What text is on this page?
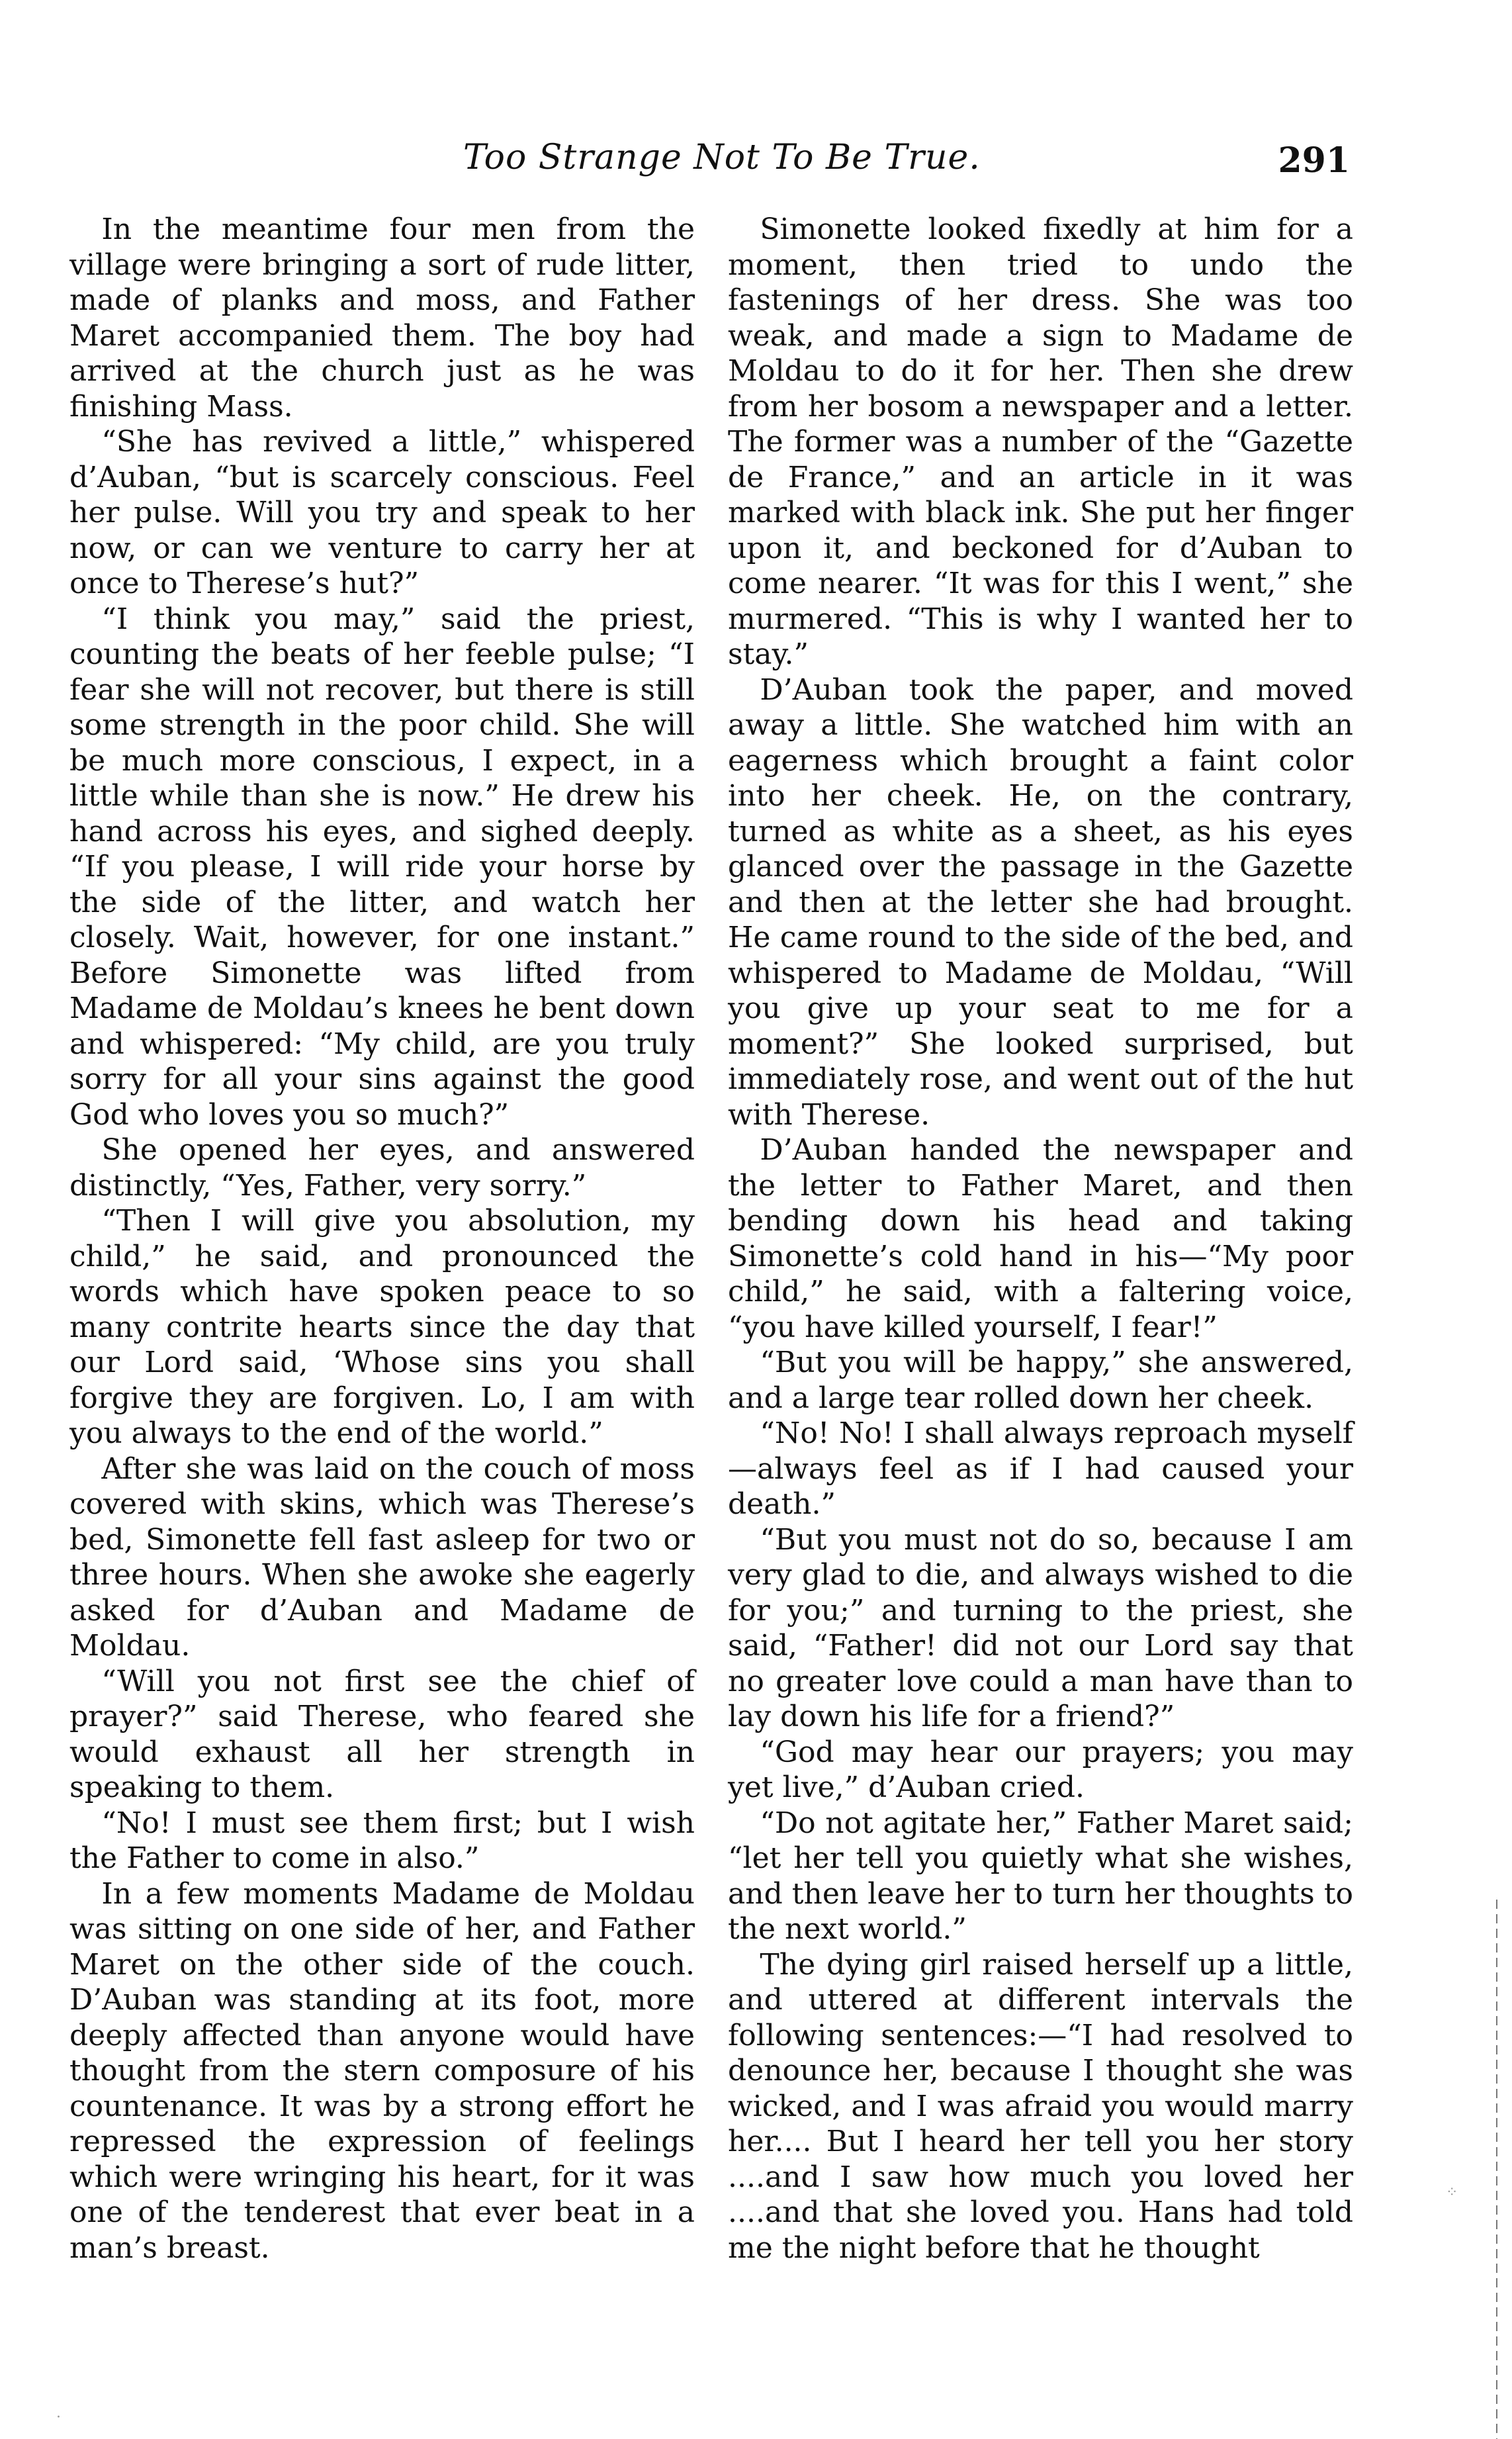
Too Strange Not To Be True.	291

In the meantime four men from the village were bringing a sort of rude litter, made of planks and moss, and Father Maret accompanied them. The boy had arrived at the church just as he was finishing Mass.

“She has revived a little,” whispered d’Auban, “but is scarcely conscious. Feel her pulse. Will you try and speak to her now, or can we venture to carry her at once to Therese’s hut?”

“I think you may,” said the priest, counting the beats of her feeble pulse; “I fear she will not recover, but there is still some strength in the poor child. She will be much more conscious, I expect, in a little while than she is now.” He drew his hand across his eyes, and sighed deeply. “If you please, I will ride your horse by the side of the litter, and watch her closely. Wait, however, for one instant.” Before Simonette was lifted from Madame de Moldau’s knees he bent down and whispered: “My child, are you truly sorry for all your sins against the good God who loves you so much?”

She opened her eyes, and answered distinctly, “Yes, Father, very sorry.”

“Then I will give you absolution, my child,” he said, and pronounced the words which have spoken peace to so many contrite hearts since the day that our Lord said, ‘Whose sins you shall forgive they are forgiven. Lo, I am with you always to the end of the world.”

After she was laid on the couch of moss covered with skins, which was Therese’s bed, Simonette fell fast asleep for two or three hours. When she awoke she eagerly asked for d’Auban and Madame de Moldau.

“Will you not first see the chief of prayer?” said Therese, who feared she would exhaust all her strength in speaking to them.

“No! I must see them first; but I wish the Father to come in also.”

In a few moments Madame de Moldau was sitting on one side of her, and Father Maret on the other side of the couch. D’Auban was standing at its foot, more deeply affected than anyone would have thought from the stern composure of his countenance. It was by a strong effort he repressed the expression of feelings which were wringing his heart, for it was one of the tenderest that ever beat in a man’s breast.

Simonette looked fixedly at him for a moment, then tried to undo the fastenings of her dress. She was too weak, and made a sign to Madame de Moldau to do it for her. Then she drew from her bosom a newspaper and a letter. The former was a number of the “Gazette de France,” and an article in it was marked with black ink. She put her finger upon it, and beckoned for d’Auban to come nearer. “It was for this I went,” she murmered. “This is why I wanted her to stay.”

D’Auban took the paper, and moved away a little. She watched him with an eagerness which brought a faint color into her cheek. He, on the contrary, turned as white as a sheet, as his eyes glanced over the passage in the Gazette and then at the letter she had brought. He came round to the side of the bed, and whispered to Madame de Moldau, “Will you give up your seat to me for a moment?” She looked surprised, but immediately rose, and went out of the hut with Therese.

D’Auban handed the newspaper and the letter to Father Maret, and then bending down his head and taking Simonette’s cold hand in his—“My poor child,” he said, with a faltering voice, “you have killed yourself, I fear!”

“But you will be happy,” she answered, and a large tear rolled down her cheek.

“No! No! I shall always reproach myself—always feel as if I had caused your death.”

“But you must not do so, because I am very glad to die, and always wished to die for you;” and turning to the priest, she said, “Father! did not our Lord say that no greater love could a man have than to lay down his life for a friend?”

“God may hear our prayers; you may yet live,” d’Auban cried.

“Do not agitate her,” Father Maret said; “let her tell you quietly what she wishes, and then leave her to turn her thoughts to the next world.”

The dying girl raised herself up a little, and uttered at different intervals the following sentences:—“I had resolved to denounce her, because I thought she was wicked, and I was afraid you would marry her.... But I heard her tell you her story ....and I saw how much you loved her ....and that she loved you. Hans had told me the night before that he thought

⁘
·
